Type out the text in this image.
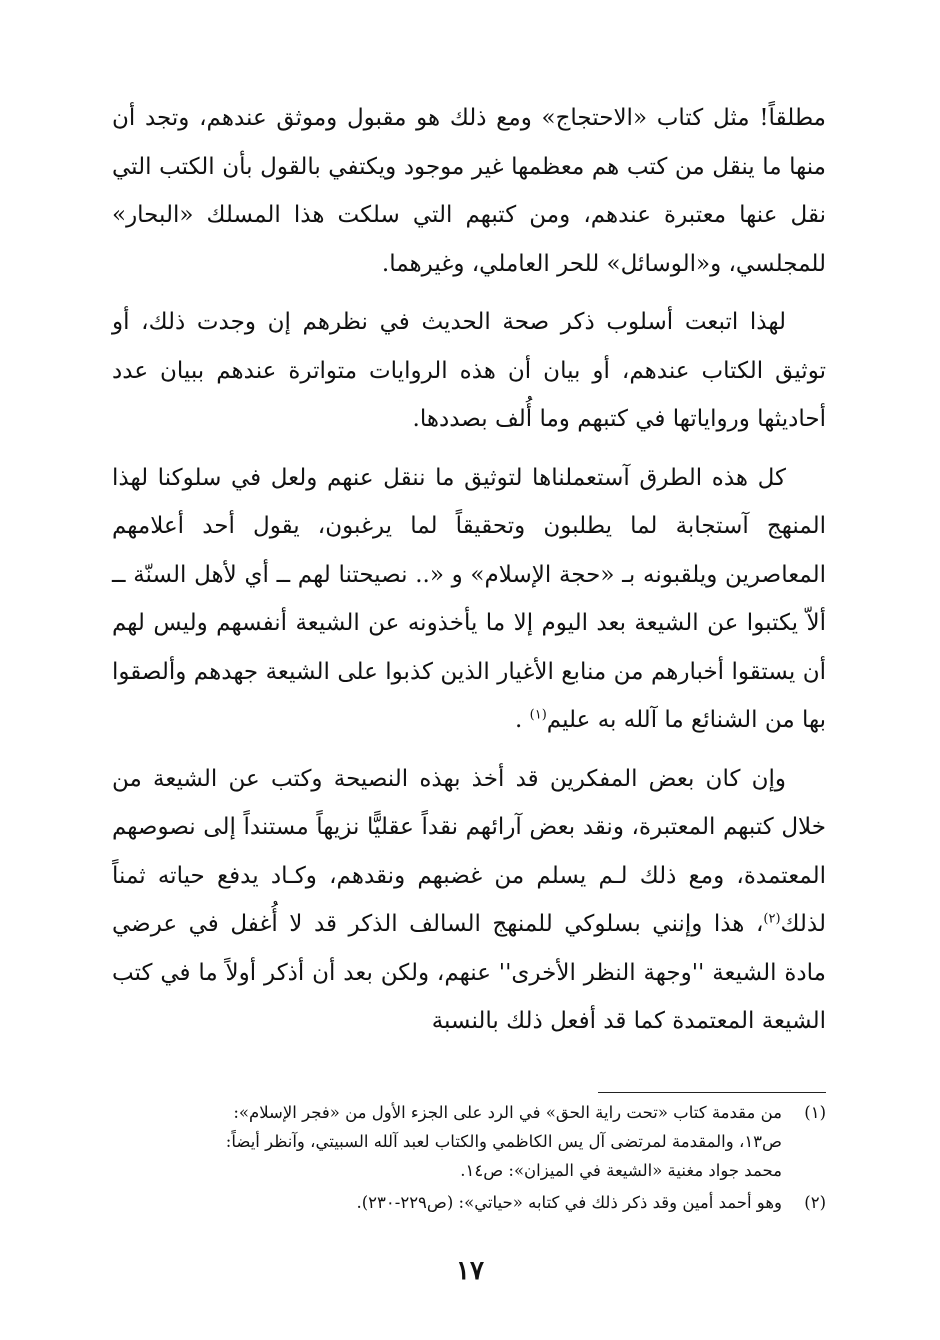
مطلقاً! مثل كتاب «الاحتجاج» ومع ذلك هو مقبول وموثق عندهم، وتجد أن منها ما ينقل من كتب هم معظمها غير موجود ويكتفي بالقول بأن الكتب التي نقل عنها معتبرة عندهم، ومن كتبهم التي سلكت هذا المسلك «البحار» للمجلسي، و«الوسائل» للحر العاملي، وغيرهما.

لهذا اتبعت أسلوب ذكر صحة الحديث في نظرهم إن وجدت ذلك، أو توثيق الكتاب عندهم، أو بيان أن هذه الروايات متواترة عندهم ببيان عدد أحاديثها ورواياتها في كتبهم وما أُلف بصددها.

كل هذه الطرق آستعملناها لتوثيق ما ننقل عنهم ولعل في سلوكنا لهذا المنهج آستجابة لما يطلبون وتحقيقاً لما يرغبون، يقول أحد أعلامهم المعاصرين ويلقبونه بـ «حجة الإسلام» و «.. نصيحتنا لهم ــ أي لأهل السنّة ــ ألاّ يكتبوا عن الشيعة بعد اليوم إلا ما يأخذونه عن الشيعة أنفسهم وليس لهم أن يستقوا أخبارهم من منابع الأغيار الذين كذبوا على الشيعة جهدهم وألصقوا بها من الشنائع ما آلله به عليم$^{(١)}$ .

وإن كان بعض المفكرين قد أخذ بهذه النصيحة وكتب عن الشيعة من خلال كتبهم المعتبرة، ونقد بعض آرائهم نقداً عقليًّا نزيهاً مستنداً إلى نصوصهم المعتمدة، ومع ذلك لـم يسلم من غضبهم ونقدهم، وكـاد يدفع حياته ثمناً لذلك$^{(٢)}$، هذا وإنني بسلوكي للمنهج السالف الذكر قد لا أُغفل في عرضي مادة الشيعة ''وجهة النظر الأخرى'' عنهم، ولكن بعد أن أذكر أولاً ما في كتب الشيعة المعتمدة كما قد أفعل ذلك بالنسبة

(١)
من مقدمة كتاب «تحت راية الحق» في الرد على الجزء الأول من «فجر الإسلام»:
ص١٣، والمقدمة لمرتضى آل يس الكاظمي والكتاب لعبد آلله السبيتي، وآنظر أيضاً:
محمد جواد مغنية «الشيعة في الميزان»: ص١٤.
(٢)
وهو أحمد أمين وقد ذكر ذلك في كتابه «حياتي»: (ص٢٢٩-٢٣٠).
١٧
